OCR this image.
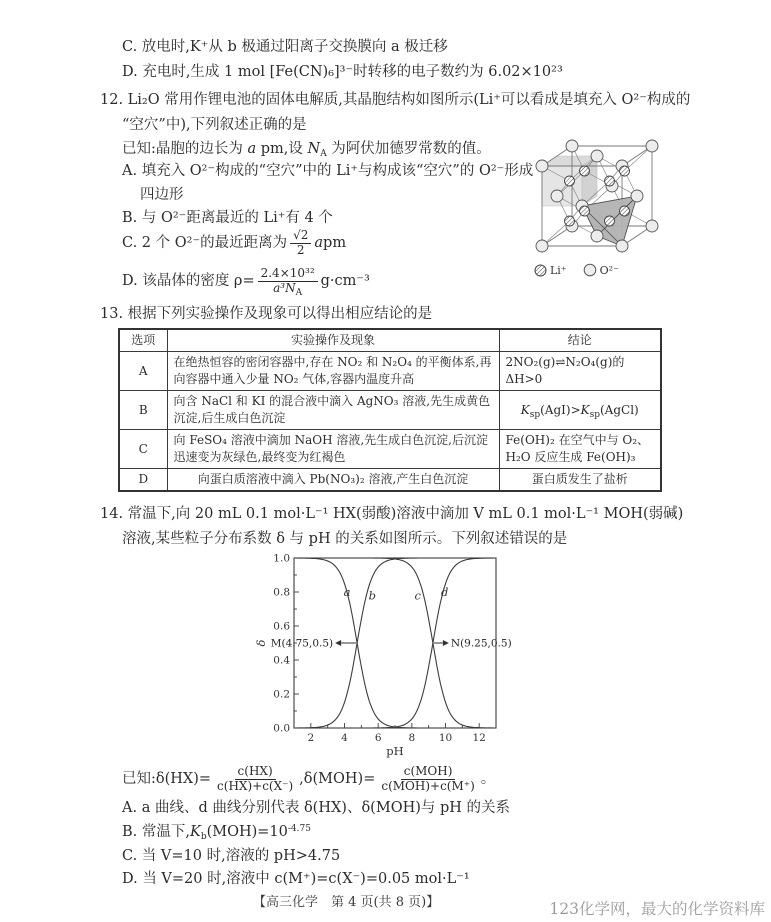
C. 放电时,K⁺从 b 极通过阳离子交换膜向 a 极迁移
D. 充电时,生成 1 mol [Fe(CN)₆]³⁻时转移的电子数约为 6.02×10²³
12. Li₂O 常用作锂电池的固体电解质,其晶胞结构如图所示(Li⁺可以看成是填充入 O²⁻构成的
“空穴”中),下列叙述正确的是
已知:晶胞的边长为 a pm,设 $N_A$ 为阿伏加德罗常数的值。
A. 填充入 O²⁻构成的“空穴”中的 Li⁺与构成该“空穴”的 O²⁻形成
四边形
B. 与 O²⁻距离最近的 Li⁺有 4 个
C. 2 个 O²⁻的最近距离为 $\frac{√2}{2}$ a pm
D. 该晶体的密度 $\rho= \frac{\text{2.4×10³²}}{a^3N_A} g\cdot cm^{-3}$
Li⁺	O²⁻
13. 根据下列实验操作及现象可以得出相应结论的是
选项	实验操作及现象	结论
A	在绝热恒容的密闭容器中,存在 NO₂ 和 N₂O₄ 的平衡体系,再向容器中通入少量 NO₂ 气体,容器内温度升高	2NO₂(g)⇌N₂O₄(g)的
ΔH>0

B	向含 NaCl 和 KI 的混合液中滴入 AgNO₃ 溶液,先生成黄色沉淀,后生成白色沉淀	$K_{sp}(AgI)>K_{sp}(AgCl)$
C	向 FeSO₄ 溶液中滴加 NaOH 溶液,先生成白色沉淀,后沉淀迅速变为灰绿色,最终变为红褐色	Fe(OH)₂ 在空气中与 O₂、H₂O 反应生成 Fe(OH)₃
D	向蛋白质溶液中滴入 Pb(NO₃)₂ 溶液,产生白色沉淀	蛋白质发生了盐析
14. 常温下,向 20 mL 0.1 mol·L⁻¹ HX(弱酸)溶液中滴加 V mL 0.1 mol·L⁻¹ MOH(弱碱)
溶液,某些粒子分布系数 δ 与 pH 的关系如图所示。下列叙述错误的是
2	4	6	8 10 12
0.0
0.2
0.4
0.6
0.8
1.0
pH
δ
a b	c d
M(4.75,0.5)	N(9.25,0.5)
已知:δ(HX)= $\frac{c(HX)}{c(HX)+c(X^-)} ,\delta(MOH)= \frac{\text{c(MOH)}}{\text{c(MOH)+c(M⁺)}}$ 。
A. a 曲线、d 曲线分别代表 δ(HX)、δ(MOH)与 pH 的关系
B. 常温下$,K_b(MOH)=10^{-4.75}$
C. 当 V=10 时,溶液的 pH>4.75
D. 当 V=20 时,溶液中 c(M⁺)=c(X⁻)=0.05 mol·L⁻¹
【高三化学　第 4 页(共 8 页)】	123化学网，最大的化学资料库
